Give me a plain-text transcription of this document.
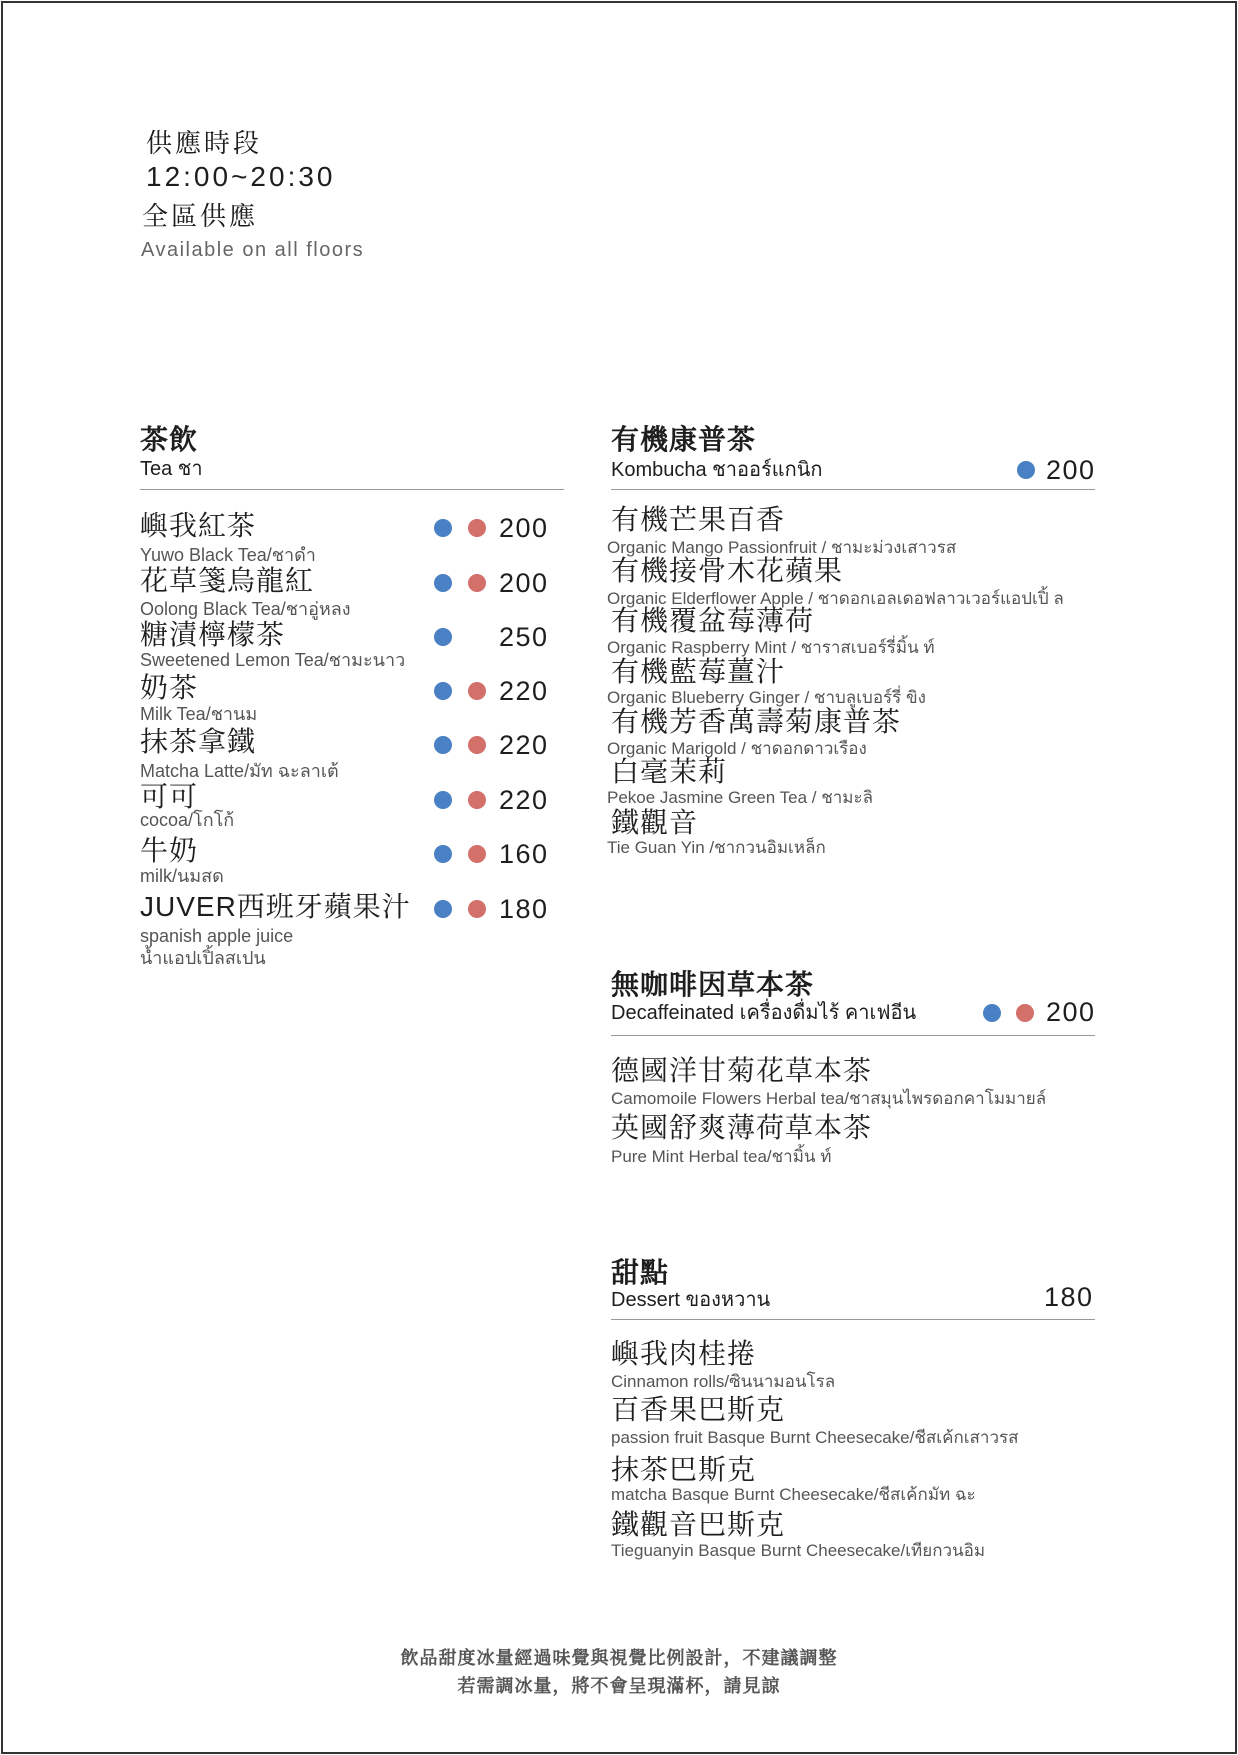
供應時段
12:00~20:30
全區供應
Available on all floors
茶飲
Tea ชา
嶼我紅茶
Yuwo Black Tea/ชาดำ
200
花草箋烏龍紅
Oolong Black Tea/ชาอู่หลง
200
糖漬檸檬茶
Sweetened Lemon Tea/ชามะนาว
250
奶茶
Milk Tea/ชานม
220
抹茶拿鐵
Matcha Latte/มัท ฉะลาเต้
220
可可
cocoa/โกโก้
220
牛奶
milk/นมสด
160
JUVER西班牙蘋果汁
spanish apple juice
น้ำแอปเปิ้ลสเปน
180
有機康普茶
Kombucha ชาออร์แกนิก	200
有機芒果百香
Organic Mango Passionfruit / ชามะม่วงเสาวรส
有機接骨木花蘋果
Organic Elderflower Apple / ชาดอกเอลเดอฟลาวเวอร์แอปเปิ้ ล
有機覆盆莓薄荷
Organic Raspberry Mint / ชาราสเบอร์รี่มิ้น ท์
有機藍莓薑汁
Organic Blueberry Ginger / ชาบลูเบอร์รี่ ขิง
有機芳香萬壽菊康普茶
Organic Marigold / ชาดอกดาวเรือง
白毫茉莉
Pekoe Jasmine Green Tea / ชามะลิ
鐵觀音
Tie Guan Yin /ชากวนอิมเหล็ก
無咖啡因草本茶
Decaffeinated เครื่องดื่มไร้ คาเฟอีน	200
德國洋甘菊花草本茶
Camomoile Flowers Herbal tea/ชาสมุนไพรดอกคาโมมายล์
英國舒爽薄荷草本茶
Pure Mint Herbal tea/ชามิ้น ท์
甜點
Dessert ของหวาน	180
嶼我肉桂捲
Cinnamon rolls/ซินนามอนโรล
百香果巴斯克
passion fruit Basque Burnt Cheesecake/ชีสเค้กเสาวรส
抹茶巴斯克
matcha Basque Burnt Cheesecake/ชีสเค้กมัท ฉะ
鐵觀音巴斯克
Tieguanyin Basque Burnt Cheesecake/เทียกวนอิม
飲品甜度冰量經過味覺與視覺比例設計，不建議調整
若需調冰量，將不會呈現滿杯，請見諒
